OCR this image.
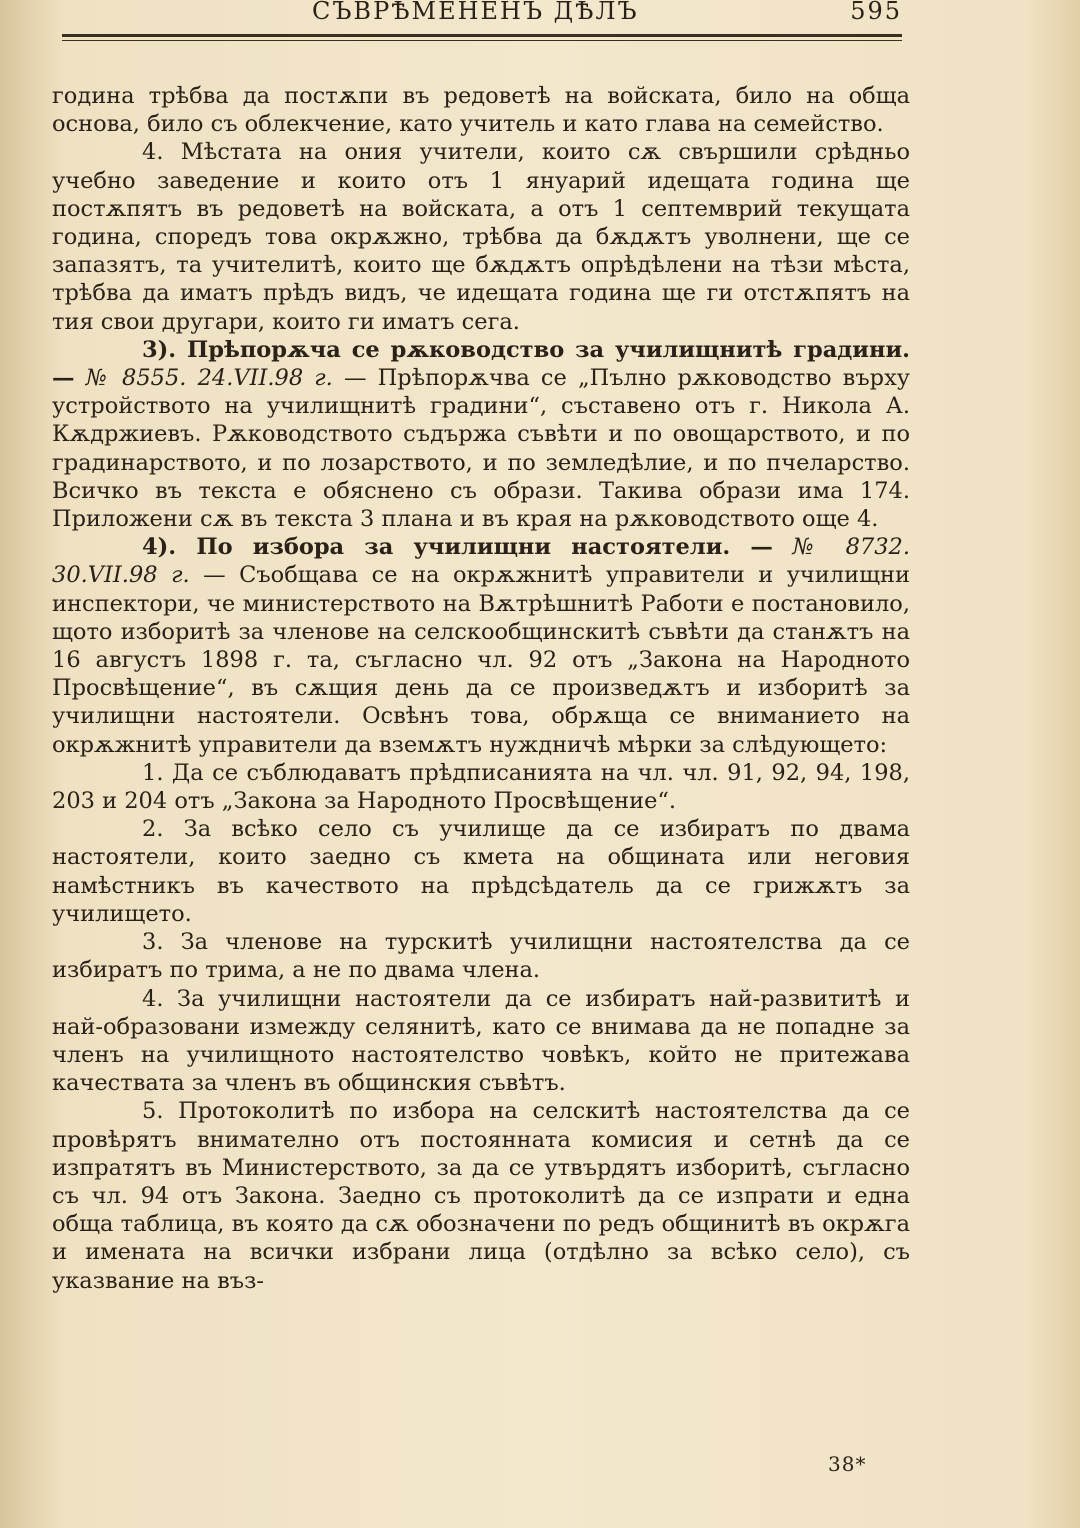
СЪВРѢМЕНЕНЪ ДѢЛЪ	595

година трѣбва да постѫпи въ редоветѣ на войската, било на обща основа, било съ облекчение, като учитель и като глава на семейство.

4. Мѣстата на ония учители, които сѫ свършили срѣдньо учебно заведение и които отъ 1 януарий идещата година ще постѫпятъ въ редоветѣ на войската, а отъ 1 септемврий текущата година, споредъ това окрѫжно, трѣбва да бѫдѫтъ уволнени, ще се запазятъ, та учителитѣ, които ще бѫдѫтъ опрѣдѣлени на тѣзи мѣста, трѣбва да иматъ прѣдъ видъ, че идещата година ще ги отстѫпятъ на тия свои другари, които ги иматъ сега.

3). Прѣпорѫча се рѫководство за училищнитѣ градини. — № 8555. 24.VII.98 г. — Прѣпорѫчва се „Пълно рѫководство върху устройството на училищнитѣ градини“, съставено отъ г. Никола А. Кѫдржиевъ. Рѫководството съдържа съвѣти и по овощарството, и по градинарството, и по лозарството, и по земледѣлие, и по пчеларство. Всичко въ текста е обяснено съ образи. Такива образи има 174. Приложени сѫ въ текста 3 плана и въ края на рѫководството още 4.

4). По избора за училищни настоятели. — № 8732. 30.VII.98 г. — Съобщава се на окрѫжнитѣ управители и училищни инспектори, че министерството на Вѫтрѣшнитѣ Работи е постановило, щото изборитѣ за членове на селскообщинскитѣ съвѣти да станѫтъ на 16 августъ 1898 г. та, съгласно чл. 92 отъ „Закона на Народното Просвѣщение“, въ сѫщия день да се произведѫтъ и изборитѣ за училищни настоятели. Освѣнъ това, обрѫща се вниманието на окрѫжнитѣ управители да вземѫтъ нуждничѣ мѣрки за слѣдующето:

1. Да се съблюдаватъ прѣдписанията на чл. чл. 91, 92, 94, 198, 203 и 204 отъ „Закона за Народното Просвѣщение“.

2. За всѣко село съ училище да се избиратъ по двама настоятели, които заедно съ кмета на общината или неговия намѣстникъ въ качеството на прѣдсѣдатель да се грижѫтъ за училището.

3. За членове на турскитѣ училищни настоятелства да се избиратъ по трима, а не по двама члена.

4. За училищни настоятели да се избиратъ най-развититѣ и най-образовани измежду селянитѣ, като се внимава да не попадне за членъ на училищното настоятелство човѣкъ, който не притежава качествата за членъ въ общинския съвѣтъ.

5. Протоколитѣ по избора на селскитѣ настоятелства да се провѣрятъ внимателно отъ постоянната комисия и сетнѣ да се изпратятъ въ Министерството, за да се утвърдятъ изборитѣ, съгласно съ чл. 94 отъ Закона. Заедно съ протоколитѣ да се изпрати и една обща таблица, въ която да сѫ обозначени по редъ общинитѣ въ окрѫга и имената на всички избрани лица (отдѣлно за всѣко село), съ указвание на въз-

38*
